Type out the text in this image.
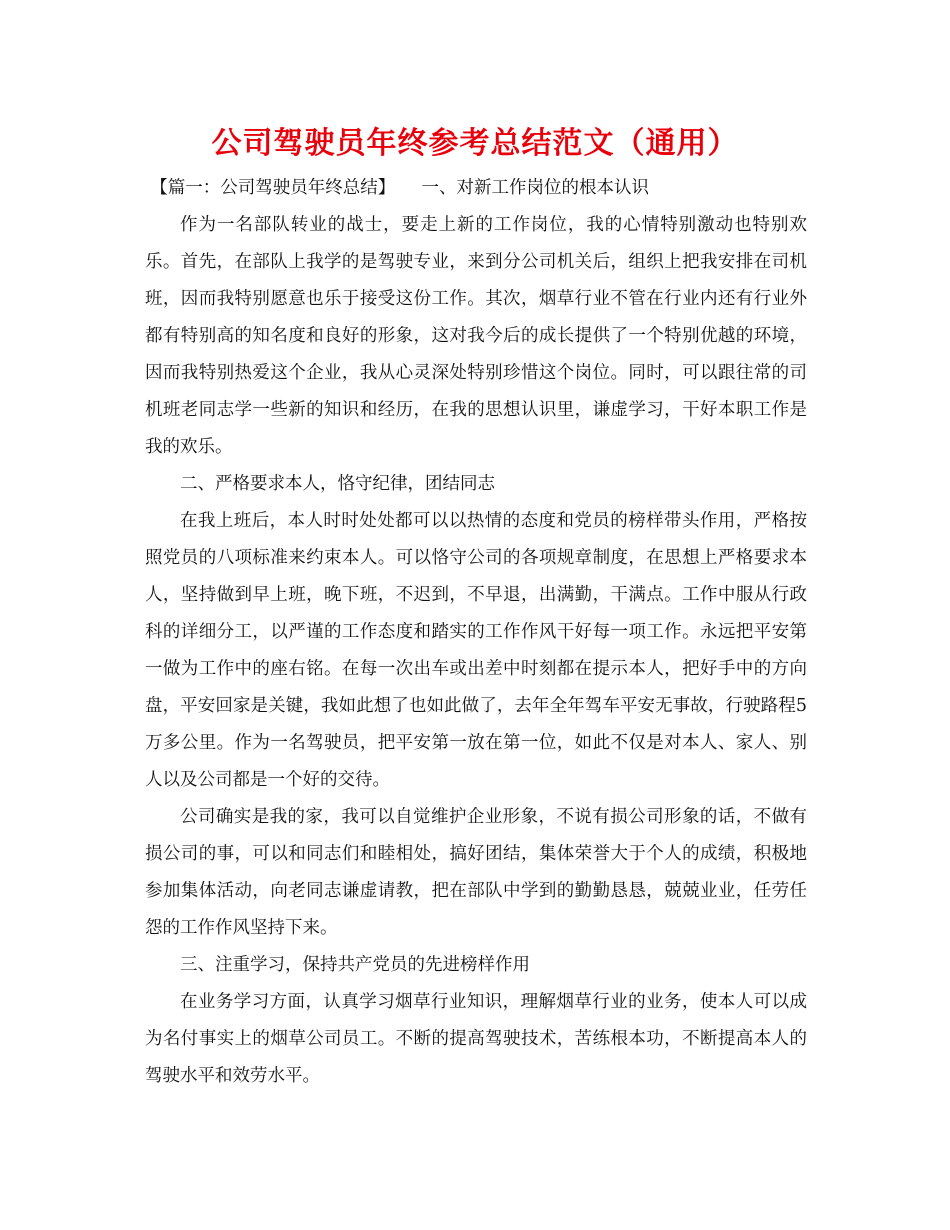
公司驾驶员年终参考总结范文（通用）

【篇一：公司驾驶员年终总结】　　一、对新工作岗位的根本认识

作为一名部队转业的战士，要走上新的工作岗位，我的心情特别激动也特别欢乐。首先，在部队上我学的是驾驶专业，来到分公司机关后，组织上把我安排在司机班，因而我特别愿意也乐于接受这份工作。其次，烟草行业不管在行业内还有行业外都有特别高的知名度和良好的形象，这对我今后的成长提供了一个特别优越的环境，因而我特别热爱这个企业，我从心灵深处特别珍惜这个岗位。同时，可以跟往常的司机班老同志学一些新的知识和经历，在我的思想认识里，谦虚学习，干好本职工作是我的欢乐。

二、严格要求本人，恪守纪律，团结同志

在我上班后，本人时时处处都可以以热情的态度和党员的榜样带头作用，严格按照党员的八项标准来约束本人。可以恪守公司的各项规章制度，在思想上严格要求本人，坚持做到早上班，晚下班，不迟到，不早退，出满勤，干满点。工作中服从行政科的详细分工，以严谨的工作态度和踏实的工作作风干好每一项工作。永远把平安第一做为工作中的座右铭。在每一次出车或出差中时刻都在提示本人，把好手中的方向盘，平安回家是关键，我如此想了也如此做了，去年全年驾车平安无事故，行驶路程5万多公里。作为一名驾驶员，把平安第一放在第一位，如此不仅是对本人、家人、别人以及公司都是一个好的交待。

公司确实是我的家，我可以自觉维护企业形象，不说有损公司形象的话，不做有损公司的事，可以和同志们和睦相处，搞好团结，集体荣誉大于个人的成绩，积极地参加集体活动，向老同志谦虚请教，把在部队中学到的勤勤恳恳，兢兢业业，任劳任怨的工作作风坚持下来。

三、注重学习，保持共产党员的先进榜样作用

在业务学习方面，认真学习烟草行业知识，理解烟草行业的业务，使本人可以成为名付事实上的烟草公司员工。不断的提高驾驶技术，苦练根本功，不断提高本人的驾驶水平和效劳水平。
